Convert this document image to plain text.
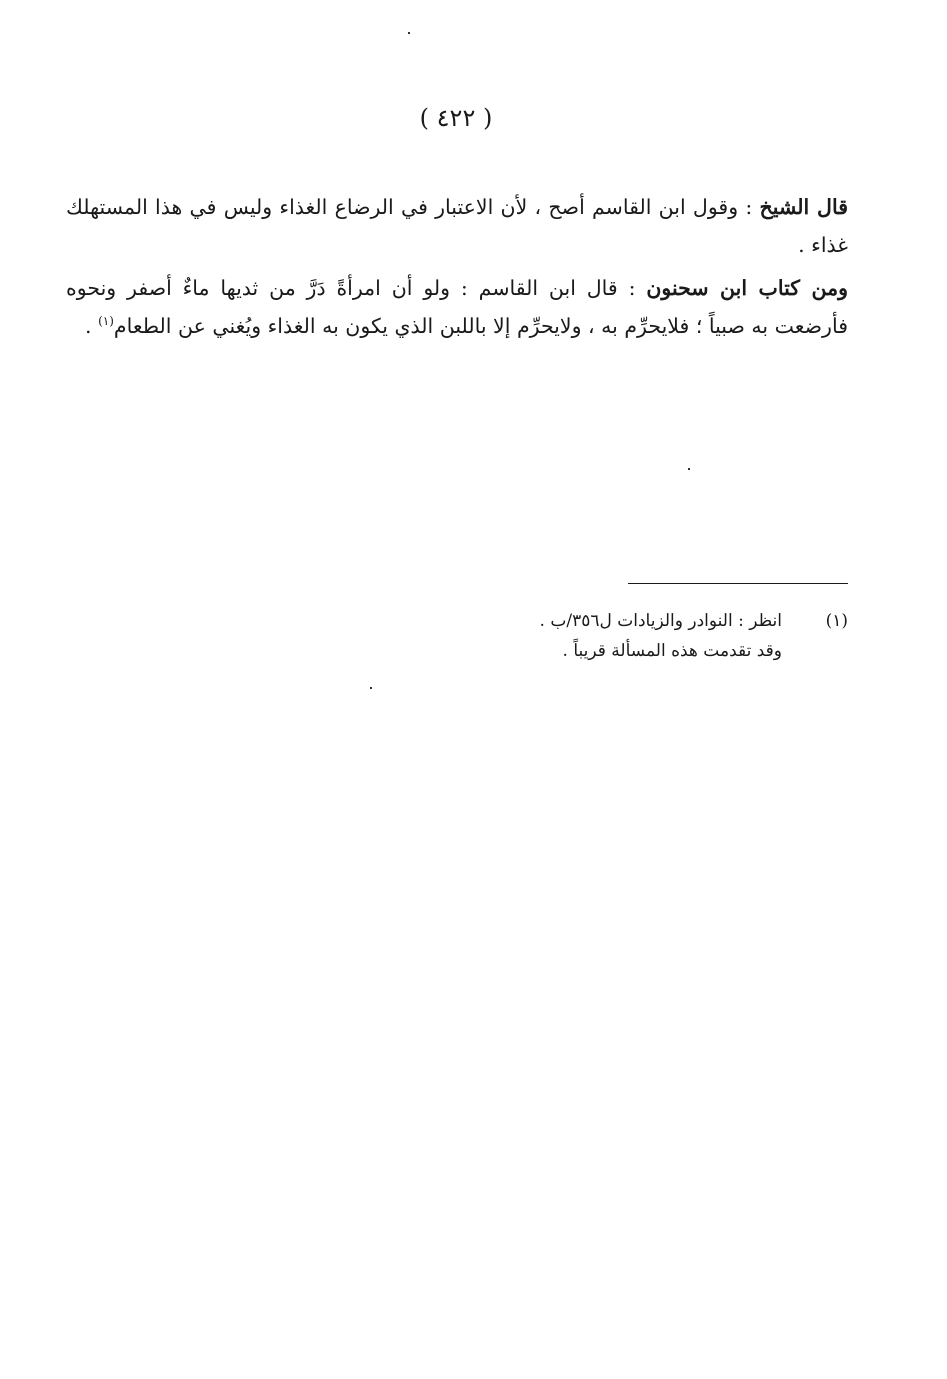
( ٤٢٢ )

قال الشيخ : وقول ابن القاسم أصح ، لأن الاعتبار في الرضاع الغذاء وليس في هذا المستهلك غذاء .

ومن كتاب ابن سحنون : قال ابن القاسم : ولو أن امرأةً دَرَّ من ثديها ماءٌ أصفر ونحوه فأرضعت به صبياً ؛ فلايحرِّم به ، ولايحرِّم إلا باللبن الذي يكون به الغذاء ويُغني عن الطعام$^{(١)}$ .

(١)
انظر : النوادر والزيادات ل٣٥٦/ب .
وقد تقدمت هذه المسألة قريباً .
